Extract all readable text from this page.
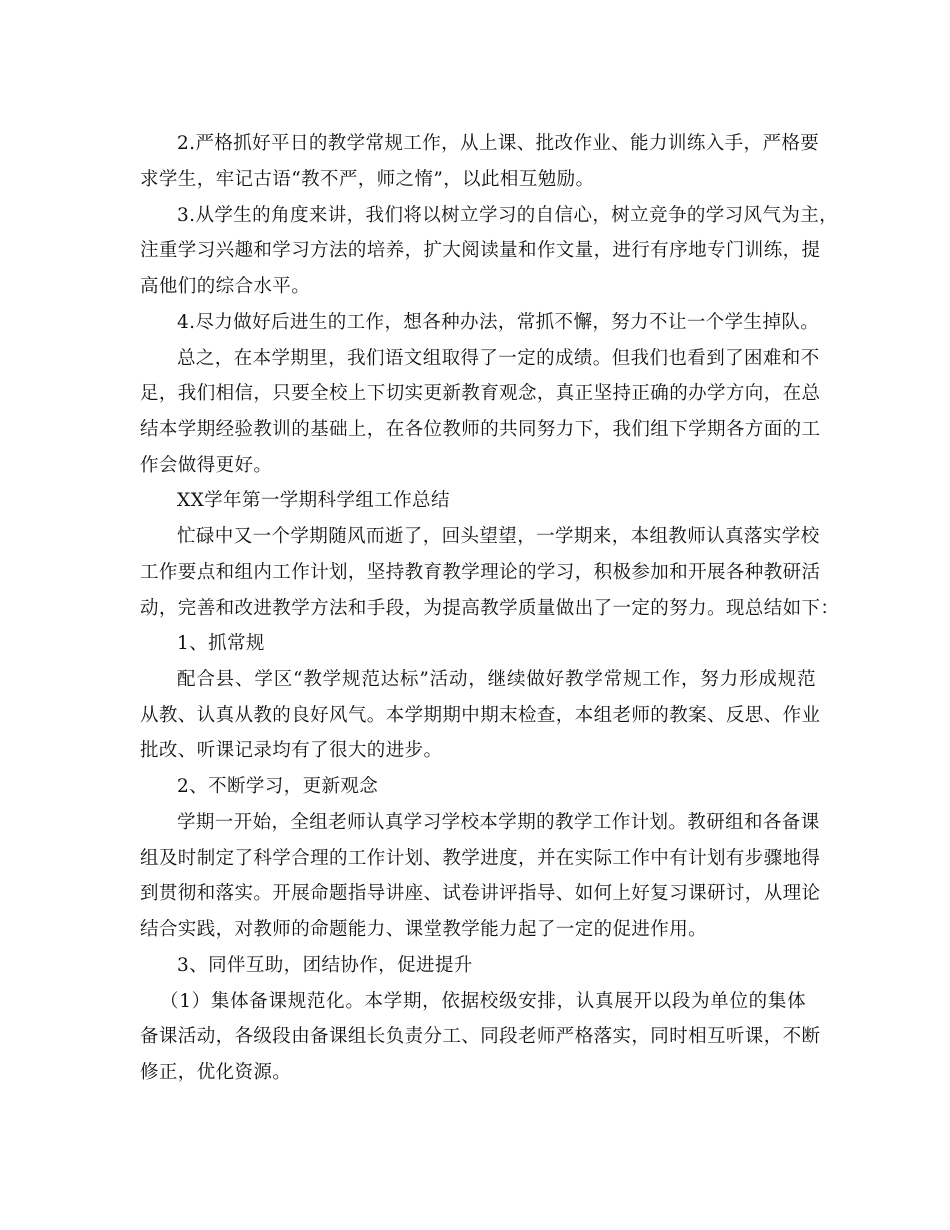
2.严格抓好平日的教学常规工作，从上课、批改作业、能力训练入手，严格要

求学生，牢记古语“教不严，师之惰”，以此相互勉励。

3.从学生的角度来讲，我们将以树立学习的自信心，树立竞争的学习风气为主，

注重学习兴趣和学习方法的培养，扩大阅读量和作文量，进行有序地专门训练，提

高他们的综合水平。

4.尽力做好后进生的工作，想各种办法，常抓不懈，努力不让一个学生掉队。

总之，在本学期里，我们语文组取得了一定的成绩。但我们也看到了困难和不

足，我们相信，只要全校上下切实更新教育观念，真正坚持正确的办学方向，在总

结本学期经验教训的基础上，在各位教师的共同努力下，我们组下学期各方面的工

作会做得更好。

XX学年第一学期科学组工作总结

忙碌中又一个学期随风而逝了，回头望望，一学期来，本组教师认真落实学校

工作要点和组内工作计划，坚持教育教学理论的学习，积极参加和开展各种教研活

动，完善和改进教学方法和手段，为提高教学质量做出了一定的努力。现总结如下：

1、抓常规

配合县、学区“教学规范达标”活动，继续做好教学常规工作，努力形成规范

从教、认真从教的良好风气。本学期期中期末检查，本组老师的教案、反思、作业

批改、听课记录均有了很大的进步。

2、不断学习，更新观念

学期一开始，全组老师认真学习学校本学期的教学工作计划。教研组和各备课

组及时制定了科学合理的工作计划、教学进度，并在实际工作中有计划有步骤地得

到贯彻和落实。开展命题指导讲座、试卷讲评指导、如何上好复习课研讨，从理论

结合实践，对教师的命题能力、课堂教学能力起了一定的促进作用。

3、同伴互助，团结协作，促进提升

（1）集体备课规范化。本学期，依据校级安排，认真展开以段为单位的集体

备课活动，各级段由备课组长负责分工、同段老师严格落实，同时相互听课，不断

修正，优化资源。
